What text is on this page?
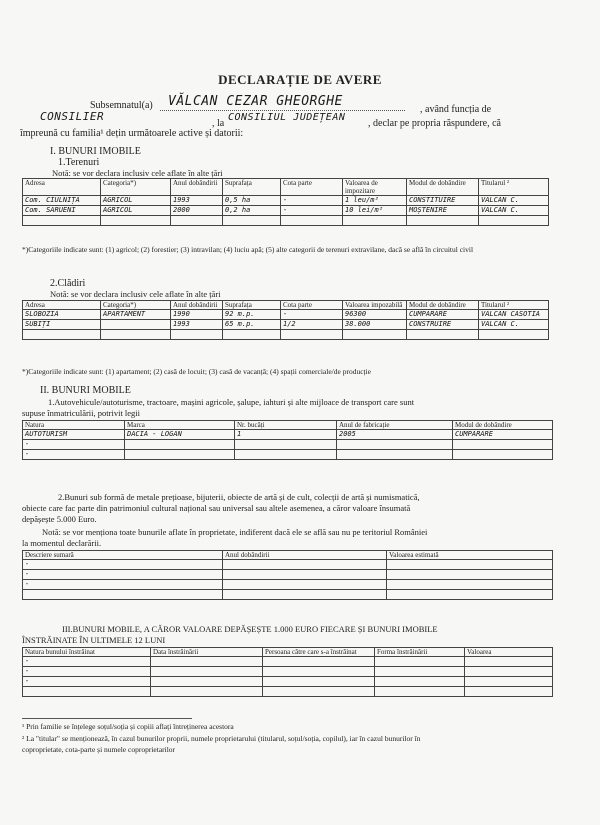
DECLARAȚIE DE AVERE
Subsemnatul(a) VĂLCAN CEZAR GHEORGHE
, având funcția de
CONSILIER
, la
CONSILIUL JUDEȚEAN
, declar pe propria răspundere, că
împreună cu familia¹ dețin următoarele active și datorii:
I. BUNURI IMOBILE
1.Terenuri
Notă: se vor declara inclusiv cele aflate în alte țări
Adresa	Categoria*)	Anul dobândirii	Suprafața	Cota parte	Valoarea de impozitare	Modul de dobândire	Titularul ²
Com. CIULNIȚA	AGRICOL	1993	0,5 ha	-	1 leu/m²	CONSTITUIRE	VĂLCAN C.
Com. SĂRUENI	AGRICOL	2000	0,2 ha	-	10 lei/m²	MOȘTENIRE	VĂLCAN C.

*)Categoriile indicate sunt: (1) agricol; (2) forestier; (3) intravilan; (4) luciu apă; (5) alte categorii de terenuri extravilane, dacă se află în circuitul civil
2.Clădiri
Notă: se vor declara inclusiv cele aflate în alte țări
Adresa	Categoria*)	Anul dobândirii	Suprafața	Cota parte	Valoarea impozabilă	Modul de dobândire	Titularul ²
SLOBOZIA	APARTAMENT	1990	92 m.p.	-	96300	CUMPĂRARE	VĂLCAN CASOTIA
SUBIȚI		1993	65 m.p.	1/2	38.000	CONSTRUIRE	VĂLCAN C.

*)Categoriile indicate sunt: (1) apartament; (2) casă de locuit; (3) casă de vacanță; (4) spații comerciale/de producție
II. BUNURI MOBILE
1.Autovehicule/autoturisme, tractoare, mașini agricole, șalupe, iahturi și alte mijloace de transport care sunt
supuse înmatriculării, potrivit legii
Natura	Marca	Nr. bucăți	Anul de fabricație	Modul de dobândire
AUTOTURISM	DACIA - LOGAN	1	2005	CUMPĂRARE
-				
-				
2.Bunuri sub formă de metale prețioase, bijuterii, obiecte de artă și de cult, colecții de artă și numismatică,
obiecte care fac parte din patrimoniul cultural național sau universal sau altele asemenea, a căror valoare însumată
depășește 5.000 Euro.
Notă: se vor menționa toate bunurile aflate în proprietate, indiferent dacă ele se află sau nu pe teritoriul României
la momentul declarării.
Descriere sumară	Anul dobândirii	Valoarea estimată
-		
-		
-		

III.BUNURI MOBILE, A CĂROR VALOARE DEPĂȘEȘTE 1.000 EURO FIECARE ȘI BUNURI IMOBILE
ÎNSTRĂINATE ÎN ULTIMELE 12 LUNI
Natura bunului înstrăinat	Data înstrăinării	Persoana către care s-a înstrăinat	Forma înstrăinării	Valoarea
-				
-				
-				

¹ Prin familie se înțelege soțul/soția și copiii aflați întreținerea acestora
² La "titular" se menționează, în cazul bunurilor proprii, numele proprietarului (titularul, soțul/soția, copilul), iar în cazul bunurilor în
coproprietate, cota-parte și numele coproprietarilor
